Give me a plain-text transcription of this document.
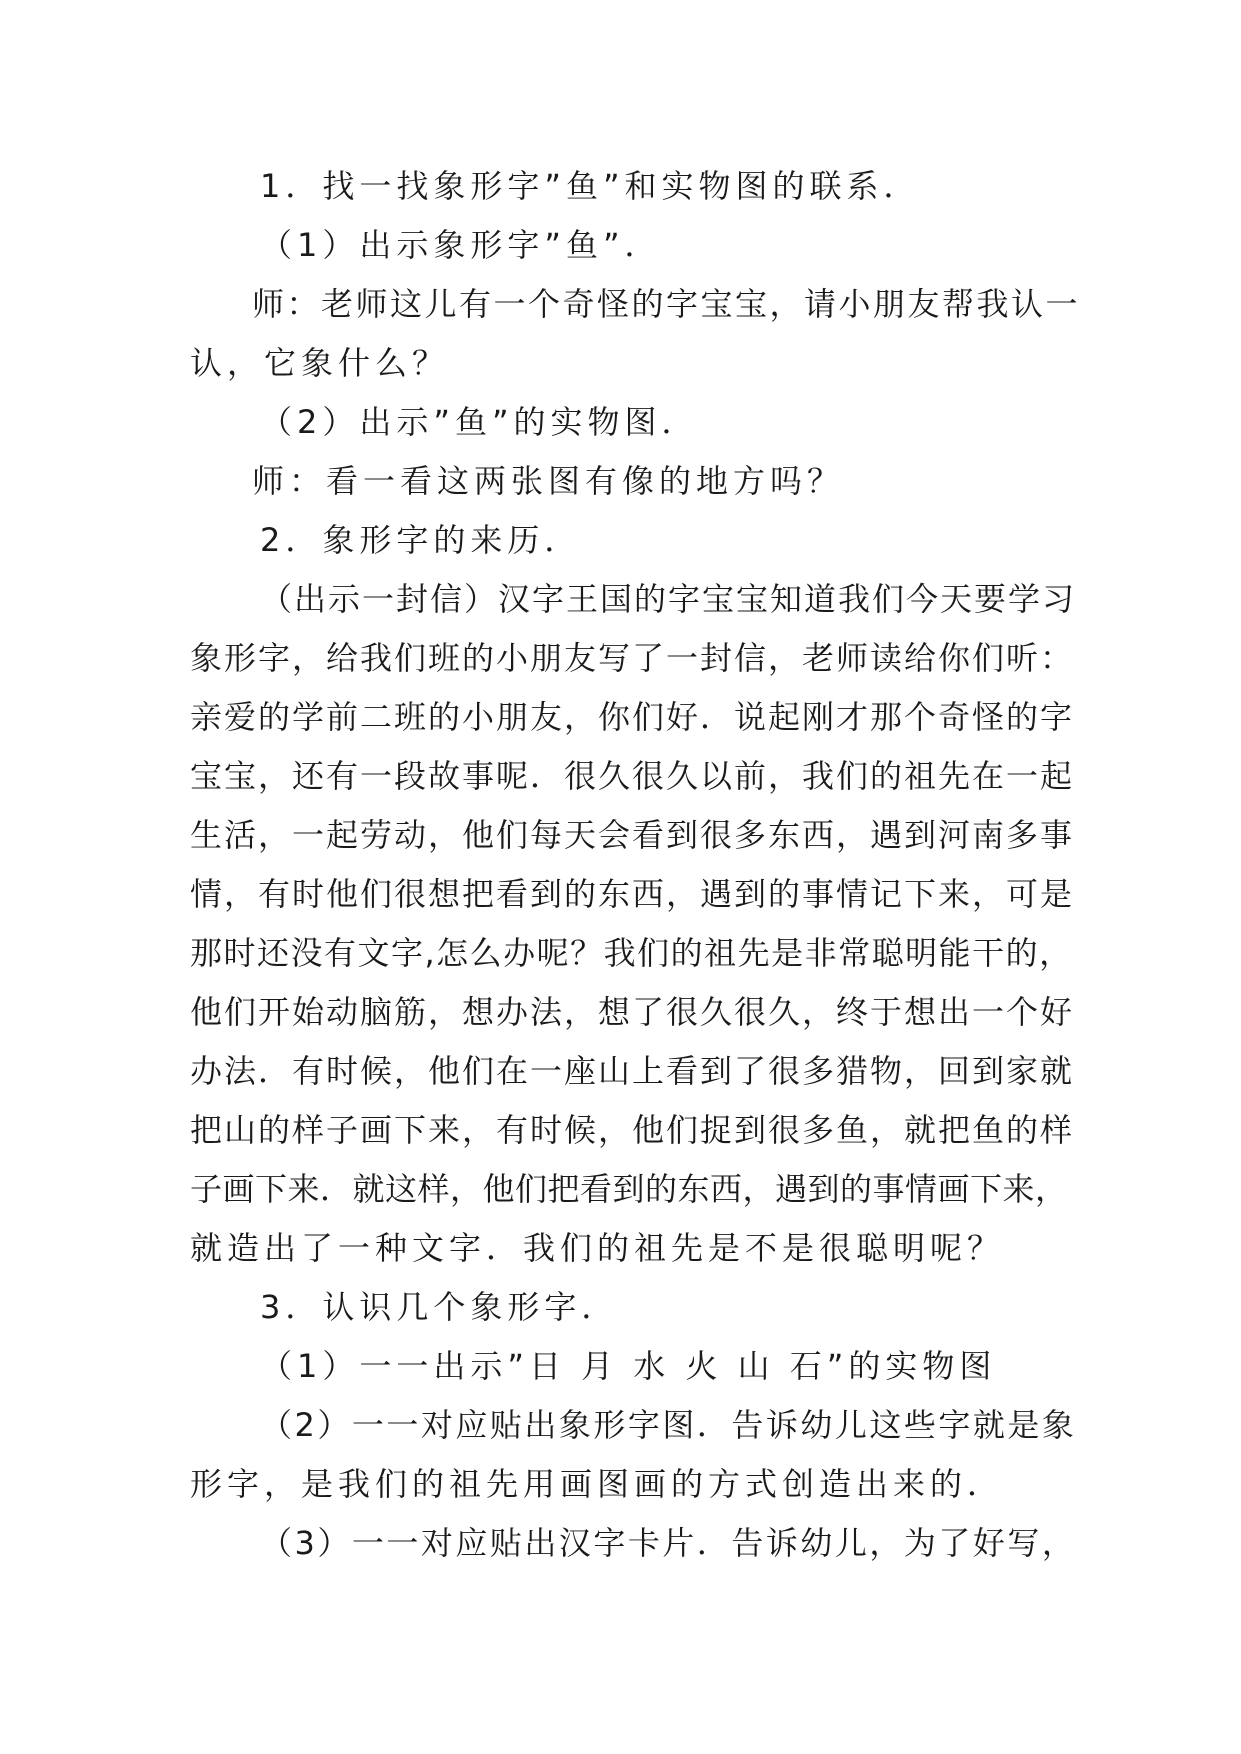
1．找一找象形字”鱼”和实物图的联系．
（1）出示象形字”鱼”．
师：老师这儿有一个奇怪的字宝宝，请小朋友帮我认一
认，它象什么？
（2）出示”鱼”的实物图．
师：看一看这两张图有像的地方吗？
2．象形字的来历．
（出示一封信）汉字王国的字宝宝知道我们今天要学习
象形字，给我们班的小朋友写了一封信，老师读给你们听：
亲爱的学前二班的小朋友，你们好．说起刚才那个奇怪的字
宝宝，还有一段故事呢．很久很久以前，我们的祖先在一起
生活，一起劳动，他们每天会看到很多东西，遇到河南多事
情，有时他们很想把看到的东西，遇到的事情记下来，可是
那时还没有文字,怎么办呢？我们的祖先是非常聪明能干的，
他们开始动脑筋，想办法，想了很久很久，终于想出一个好
办法．有时候，他们在一座山上看到了很多猎物，回到家就
把山的样子画下来，有时候，他们捉到很多鱼，就把鱼的样
子画下来．就这样，他们把看到的东西，遇到的事情画下来，
就造出了一种文字．我们的祖先是不是很聪明呢？
3．认识几个象形字．
（1）一一出示”日 月 水 火 山 石”的实物图
（2）一一对应贴出象形字图．告诉幼儿这些字就是象
形字，是我们的祖先用画图画的方式创造出来的．
（3）一一对应贴出汉字卡片．告诉幼儿，为了好写，
